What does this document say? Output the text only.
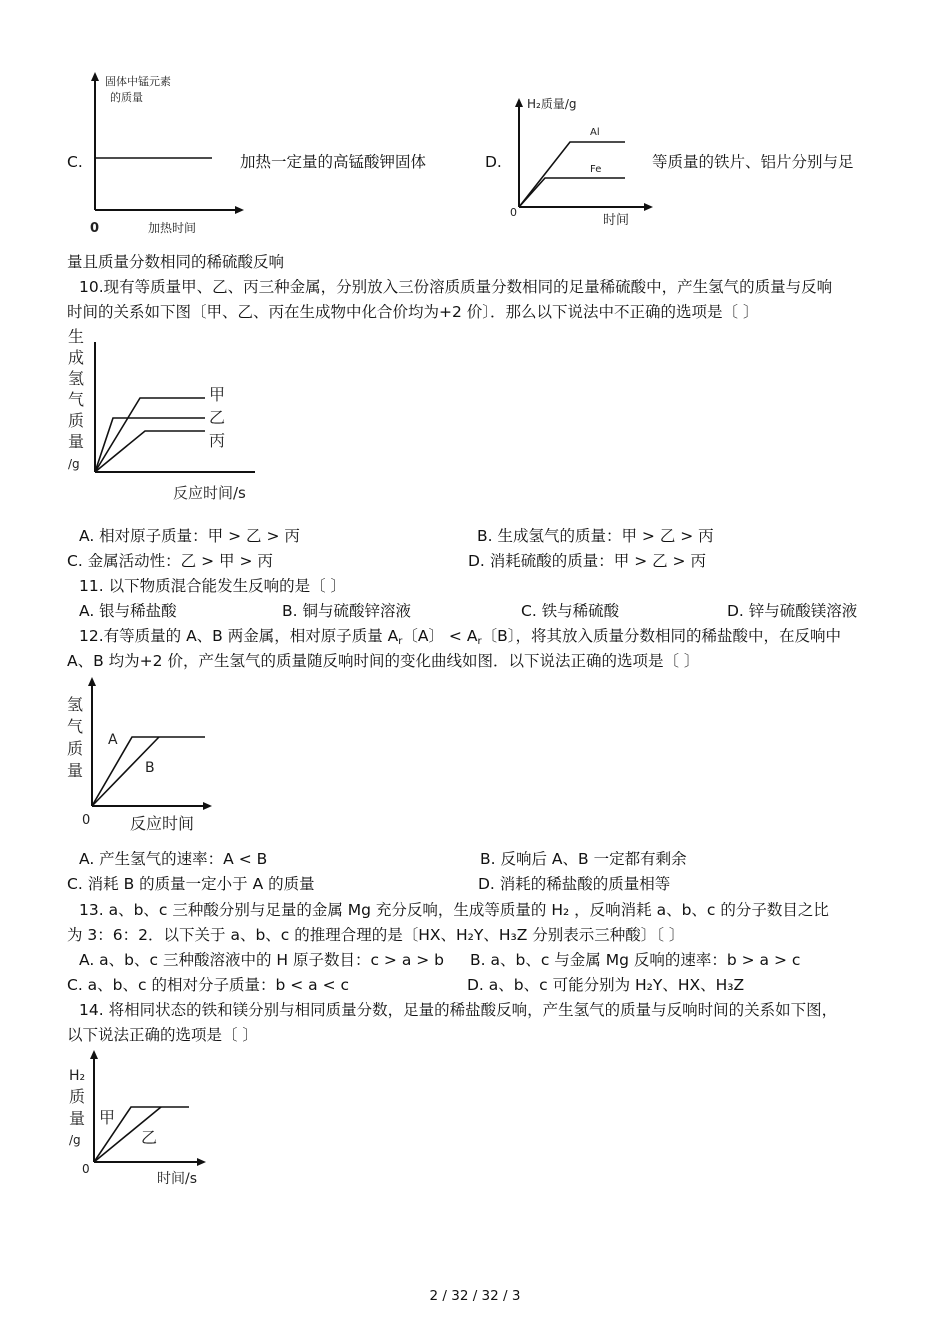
固体中锰元素
的质量
0	加热时间
C.	加热一定量的高锰酸钾固体	D.
H₂质量/g
Al
Fe
0
时间
等质量的铁片、铝片分别与足
量且质量分数相同的稀硫酸反响
10.现有等质量甲、乙、丙三种金属，分别放入三份溶质质量分数相同的足量稀硫酸中，产生氢气的质量与反响
时间的关系如下图〔甲、乙、丙在生成物中化合价均为+2 价〕．那么以下说法中不正确的选项是〔 〕
生
成
氢
气
质
量
/g
甲
乙
丙
反应时间/s
A. 相对原子质量：甲 > 乙 > 丙	B. 生成氢气的质量：甲 > 乙 > 丙
C. 金属活动性：乙 > 甲 > 丙	D. 消耗硫酸的质量：甲 > 乙 > 丙
11. 以下物质混合能发生反响的是〔 〕
A. 银与稀盐酸	B. 铜与硫酸锌溶液	C. 铁与稀硫酸	D. 锌与硫酸镁溶液
12.有等质量的 A、B 两金属，相对原子质量 Ar〔A〕 < Ar〔B〕，将其放入质量分数相同的稀盐酸中，在反响中
A、B 均为+2 价，产生氢气的质量随反响时间的变化曲线如图．以下说法正确的选项是〔 〕
氢
气
质
量
A
B
0 反应时间
A. 产生氢气的速率：A < B	B. 反响后 A、B 一定都有剩余
C. 消耗 B 的质量一定小于 A 的质量	D. 消耗的稀盐酸的质量相等
13. a、b、c 三种酸分别与足量的金属 Mg 充分反响，生成等质量的 H₂ ，反响消耗 a、b、c 的分子数目之比
为 3：6：2．以下关于 a、b、c 的推理合理的是〔HX、H₂Y、H₃Z 分别表示三种酸〕〔 〕
A. a、b、c 三种酸溶液中的 H 原子数目：c > a > b B. a、b、c 与金属 Mg 反响的速率：b > a > c
C. a、b、c 的相对分子质量：b < a < c	D. a、b、c 可能分别为 H₂Y、HX、H₃Z
14. 将相同状态的铁和镁分别与相同质量分数，足量的稀盐酸反响，产生氢气的质量与反响时间的关系如下图，
以下说法正确的选项是〔 〕
H₂
质
量
/g
甲
乙
0
时间/s
2 / 32 / 32 / 3
